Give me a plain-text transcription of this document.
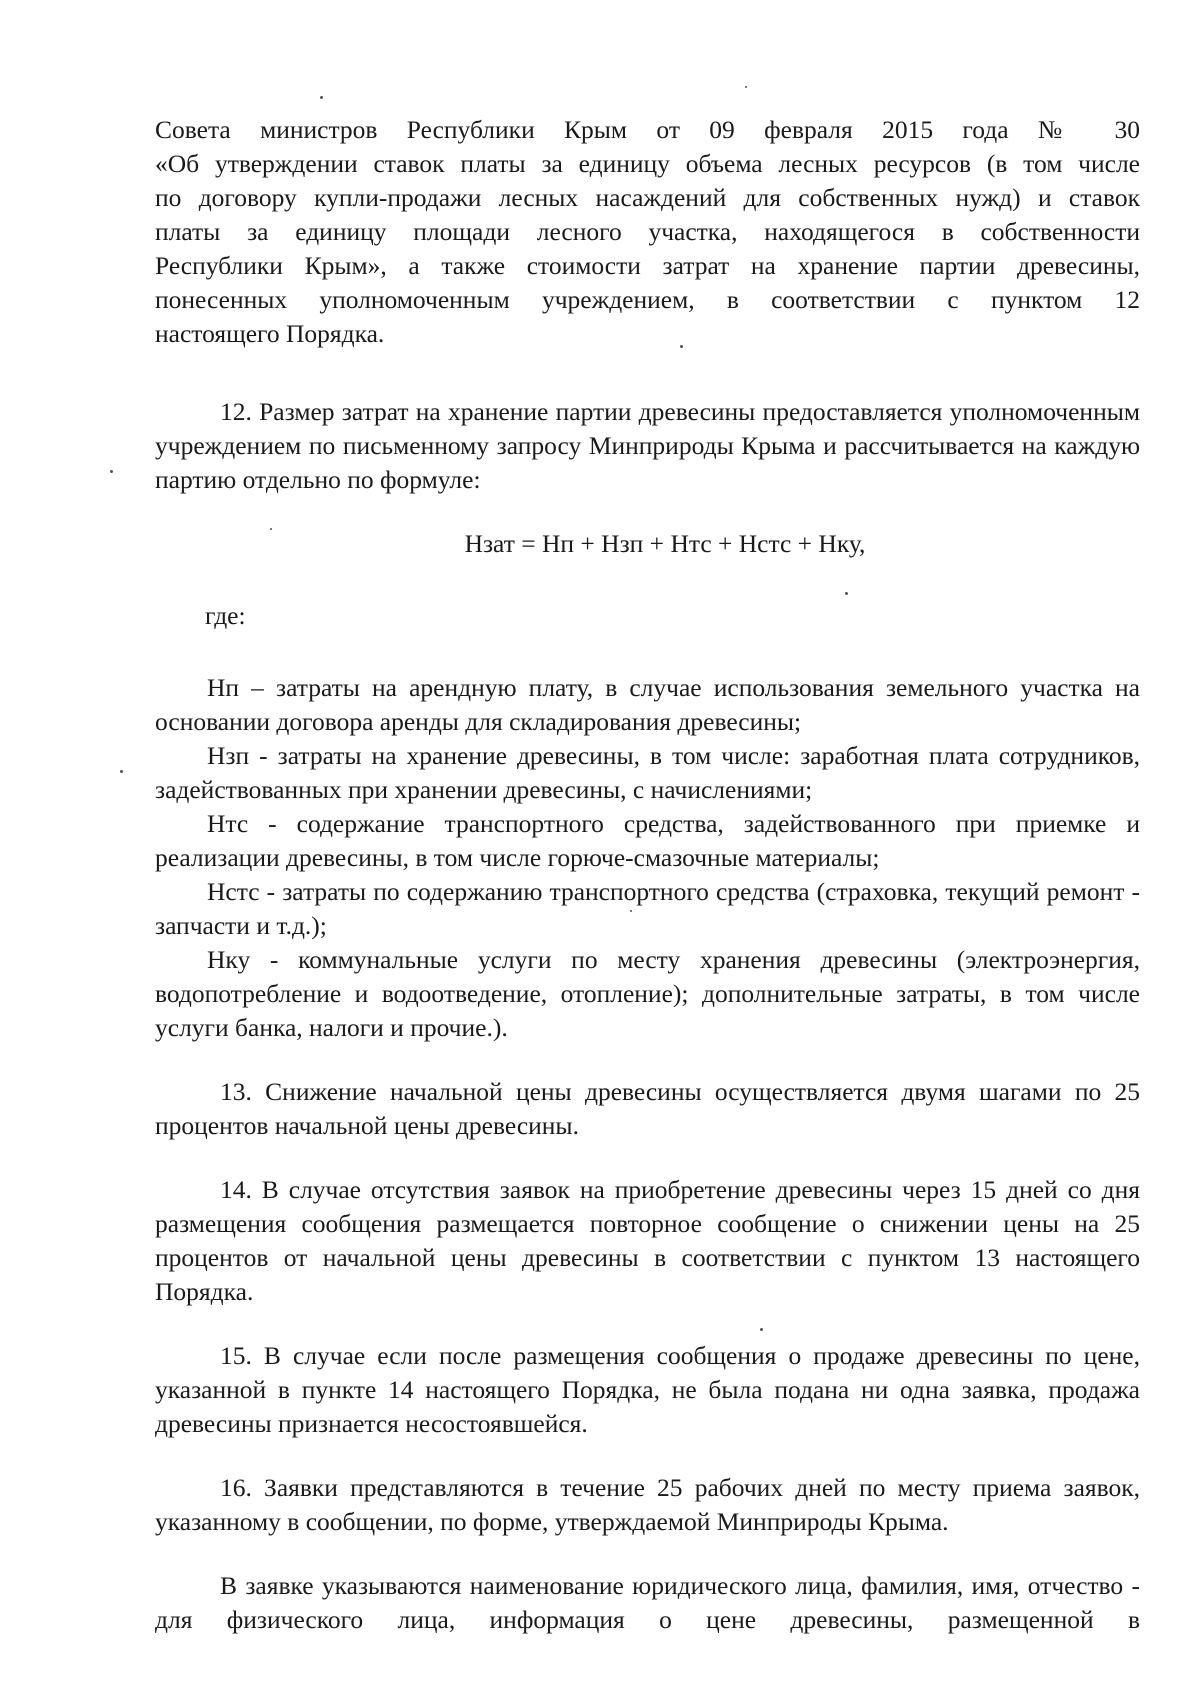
Совета министров Республики Крым от 09 февраля 2015 года № 30
«Об утверждении ставок платы за единицу объема лесных ресурсов (в том числе
по договору купли-продажи лесных насаждений для собственных нужд) и ставок
платы за единицу площади лесного участка, находящегося в собственности
Республики Крым», а также стоимости затрат на хранение партии древесины,
понесенных уполномоченным учреждением, в соответствии с пунктом 12
настоящего Порядка.

12. Размер затрат на хранение партии древесины предоставляется уполномоченным учреждением по письменному запросу Минприроды Крыма и рассчитывается на каждую партию отдельно по формуле:

Нзат = Нп + Нзп + Нтс + Нстс + Нку,
где:

Нп – затраты на арендную плату, в случае использования земельного участка на основании договора аренды для складирования древесины;

Нзп - затраты на хранение древесины, в том числе: заработная плата сотрудников, задействованных при хранении древесины, с начислениями;

Нтс - содержание транспортного средства, задействованного при приемке и реализации древесины, в том числе горюче-смазочные материалы;

Нстс - затраты по содержанию транспортного средства (страховка, текущий ремонт - запчасти и т.д.);

Нку - коммунальные услуги по месту хранения древесины (электроэнергия, водопотребление и водоотведение, отопление); дополнительные затраты, в том числе услуги банка, налоги и прочие.).

13. Снижение начальной цены древесины осуществляется двумя шагами по 25 процентов начальной цены древесины.

14. В случае отсутствия заявок на приобретение древесины через 15 дней со дня размещения сообщения размещается повторное сообщение о снижении цены на 25 процентов от начальной цены древесины в соответствии с пунктом 13 настоящего Порядка.

15. В случае если после размещения сообщения о продаже древесины по цене, указанной в пункте 14 настоящего Порядка, не была подана ни одна заявка, продажа древесины признается несостоявшейся.

16. Заявки представляются в течение 25 рабочих дней по месту приема заявок, указанному в сообщении, по форме, утверждаемой Минприроды Крыма.

В заявке указываются наименование юридического лица, фамилия, имя, отчество - для физического лица, информация о цене древесины, размещенной в
